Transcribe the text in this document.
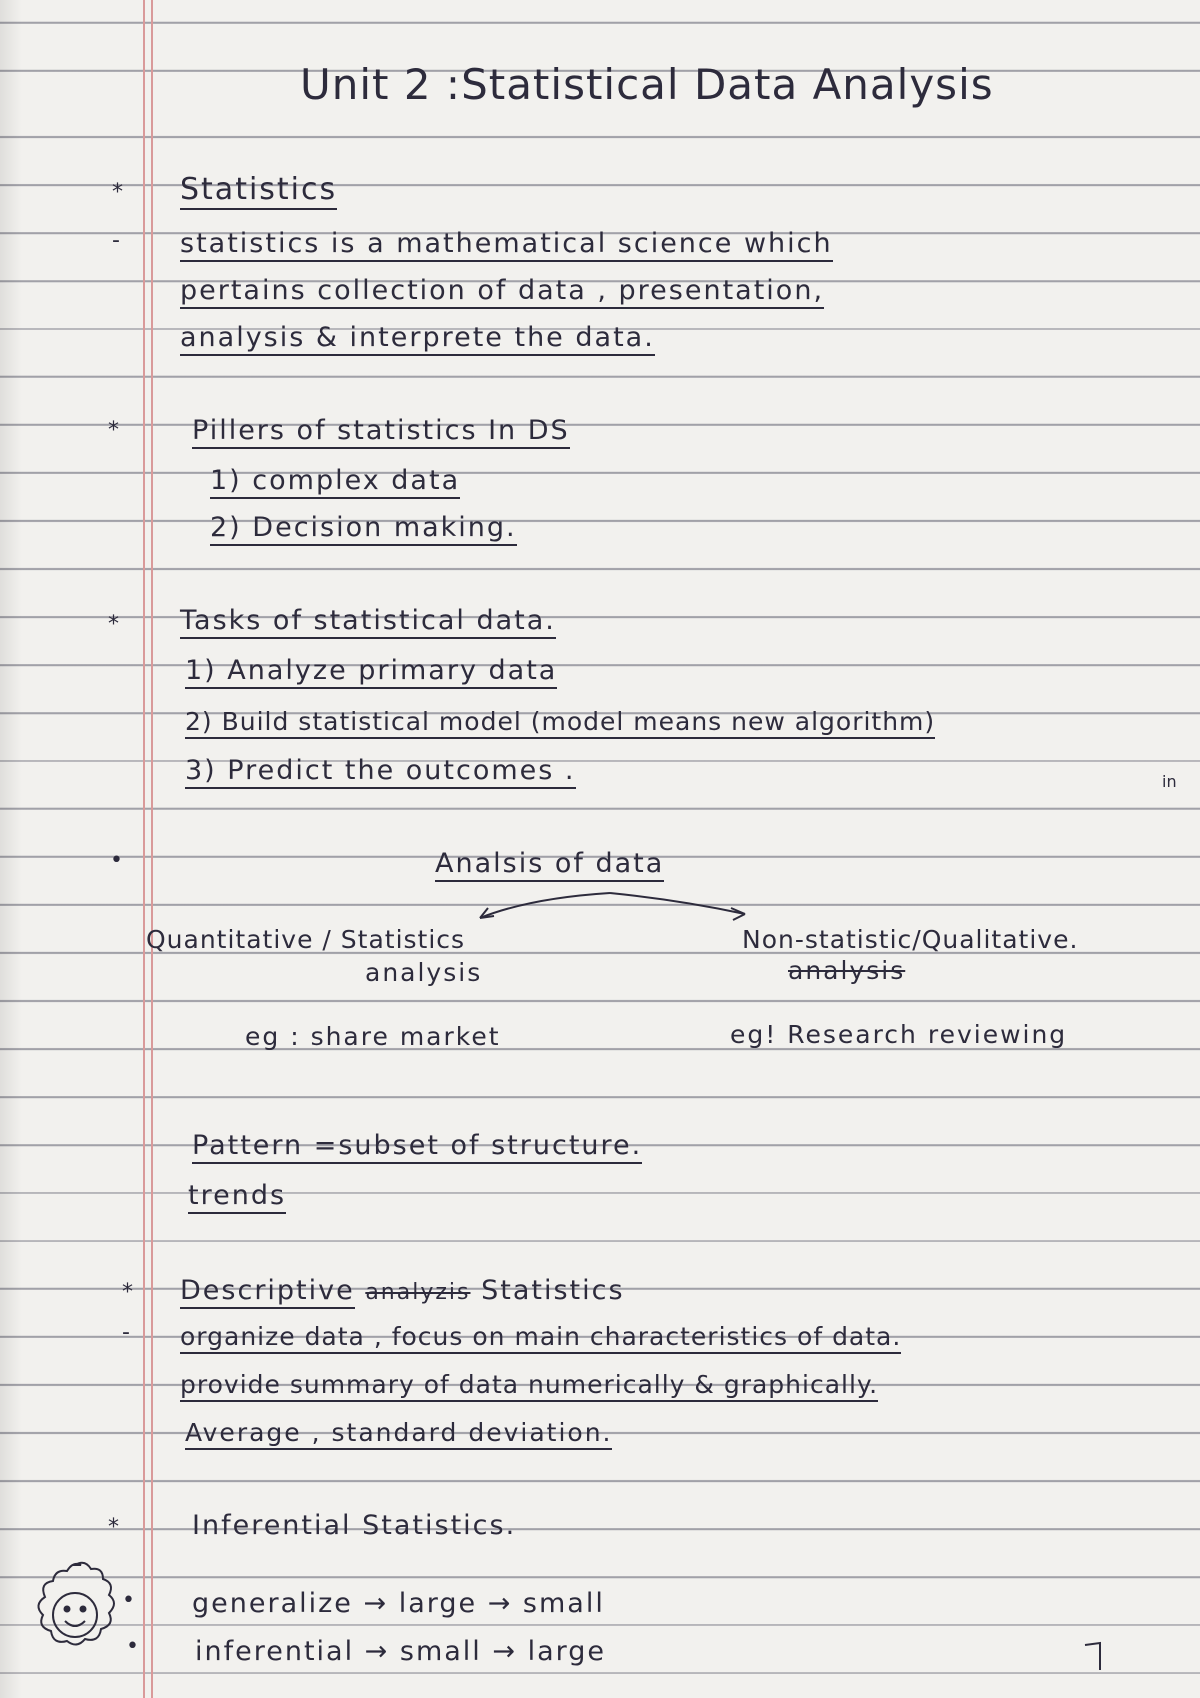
Unit 2 :Statistical Data Analysis
* Statistics
- statistics is a mathematical science which
pertains collection of data , presentation,
analysis & interprete the data.
*	Pillers of statistics In DS
1) complex data
2) Decision making.
* Tasks of statistical data.
1) Analyze primary data
2) Build statistical model (model means new algorithm)
3) Predict the outcomes .	in
•	Analsis of data
Quantitative / Statistics
analysis
Non-statistic/Qualitative.
analysis
eg : share market	eg! Research reviewing
Pattern =subset of structure.
trends
* Descriptive analyzis Statistics
- organize data , focus on main characteristics of data.
provide summary of data numerically & graphically.
Average , standard deviation.
*	Inferential Statistics.
•
•
generalize → large → small
inferential → small → large
